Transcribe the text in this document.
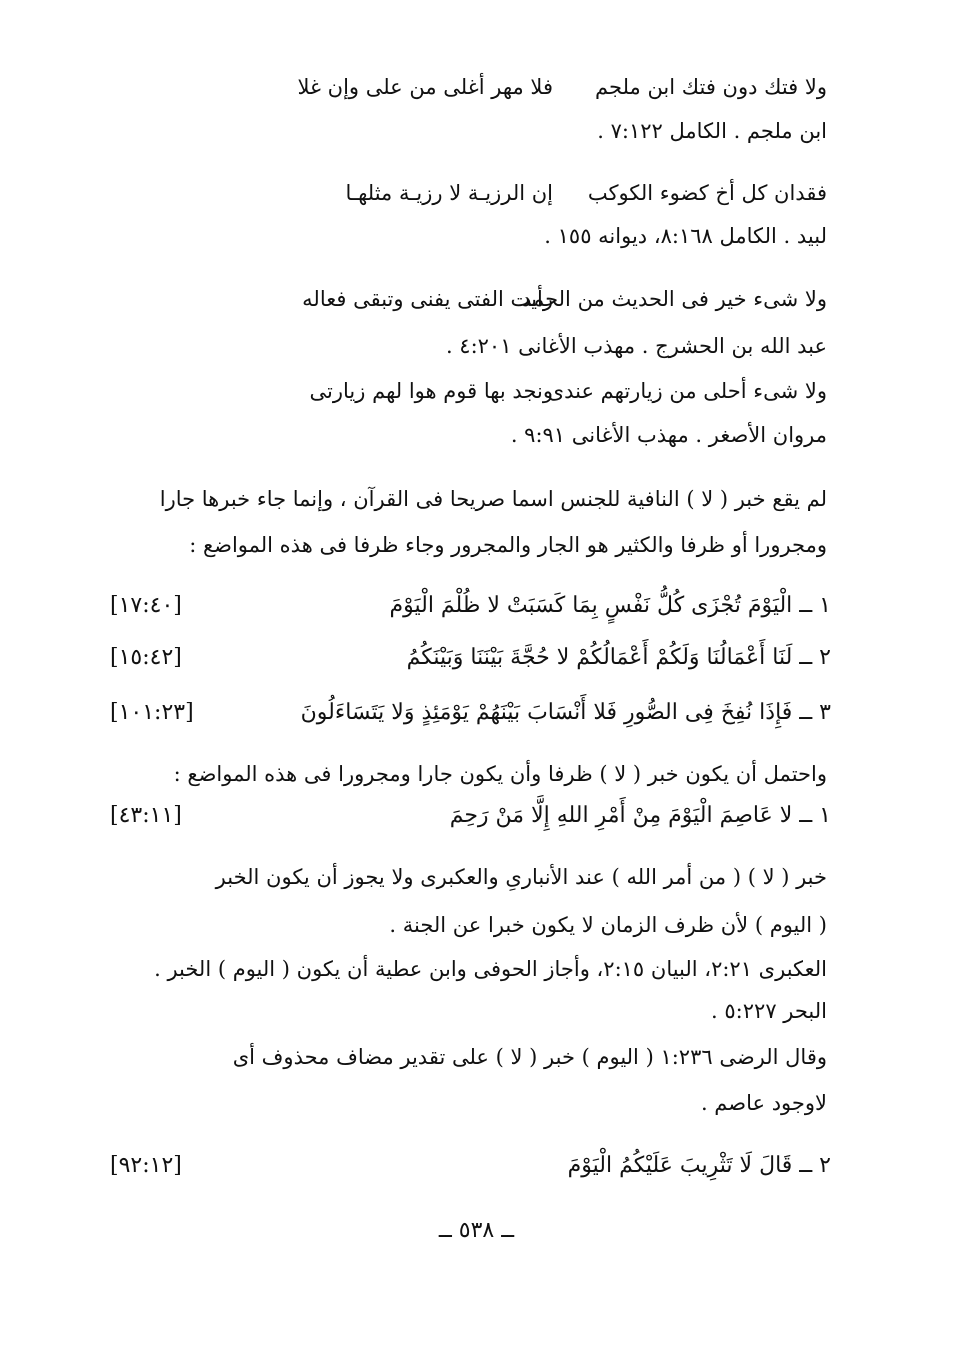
فلا مهر أغلى من على وإن غلا ولا فتك دون فتك ابن ملجم
ابن ملجم . الكامل ٧:١٢٢ .
إن الرزيـة لا رزيـة مثلهـا فقدان كل أخ كضوء الكوكب
لبيد . الكامل ٨:١٦٨، ديوانه ١٥٥ .
رأيت الفتى يفنى وتبقى فعاله
ولا شىء خير فى الحديث من الحمد
عبد الله بن الحشرج . مهذب الأغانى ٤:٢٠١ .
ونجد بها قوم هوا لهم زيارتى
ولا شىء أحلى من زيارتهم عندى
مروان الأصغر . مهذب الأغانى ٩:٩١ .
لم يقع خبر ( لا ) النافية للجنس اسما صريحا فى القرآن ، وإنما جاء خبرها جارا
ومجرورا أو ظرفا والكثير هو الجار والمجرور وجاء ظرفا فى هذه المواضع :
١ ــ الْيَوْمَ تُجْزَى كُلُّ نَفْسٍ بِمَا كَسَبَتْ لا ظُلْمَ الْيَوْمَ
[١٧:٤٠]
٢ ــ لَنَا أَعْمَالُنَا وَلَكُمْ أَعْمَالُكُمْ لا حُجَّةَ بَيْنَنَا وَبَيْنَكُمُ
[١٥:٤٢]
٣ ــ فَإِذَا نُفِخَ فِى الصُّورِ فَلا أَنْسَابَ بَيْنَهُمْ يَوْمَئِذٍ وَلا يَتَسَاءَلُونَ
[١٠١:٢٣]
واحتمل أن يكون خبر ( لا ) ظرفا وأن يكون جارا ومجرورا فى هذه المواضع :
١ ــ لا عَاصِمَ الْيَوْمَ مِنْ أَمْرِ اللهِ إِلَّا مَنْ رَحِمَ
[٤٣:١١]
خبر ( لا ) ( من أمر الله ) عند الأنبارىِ والعكبرى ولا يجوز أن يكون الخبر
( اليوم ) لأن ظرف الزمان لا يكون خبرا عن الجنة .
العكبرى ٢:٢١، البيان ٢:١٥، وأجاز الحوفى وابن عطية أن يكون ( اليوم ) الخبر .
البحر ٥:٢٢٧ .
وقال الرضى ١:٢٣٦ ( اليوم ) خبر ( لا ) على تقدير مضاف محذوف أى
لاوجود عاصم .
٢ ــ قَالَ لَا تَثْرِيبَ عَلَيْكُمُ الْيَوْمَ
[٩٢:١٢]
ــ ٥٣٨ ــ
